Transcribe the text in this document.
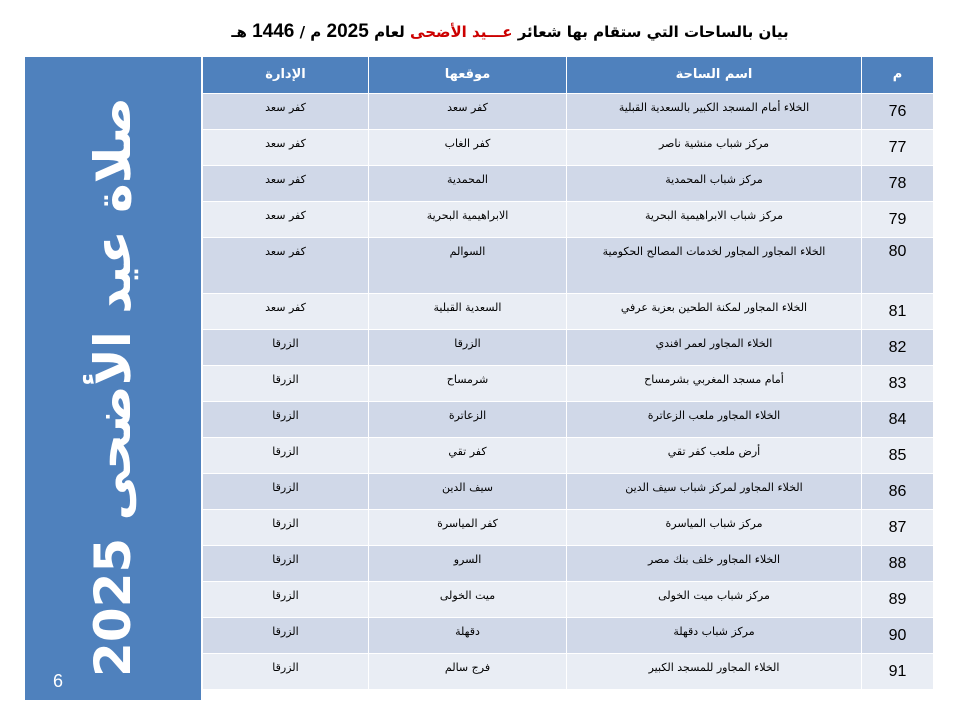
بيان بالساحات التي ستقام بها شعائر عـــيد الأضحى لعام 2025 م / 1446 هـ
صلاة عيد الأضحى 2025
6
م	اسم الساحة	موقعها	الإدارة
76	الخلاء أمام المسجد الكبير بالسعدية القبلية	كفر سعد	كفر سعد
77	مركز شباب منشية ناصر	كفر الغاب	كفر سعد
78	مركز شباب المحمدية	المحمدية	كفر سعد
79	مركز شباب الابراهيمية البحرية	الابراهيمية البحرية	كفر سعد
80	الخلاء المجاور المجاور لخدمات المصالح الحكومية	السوالم	كفر سعد
81	الخلاء المجاور لمكنة الطحين بعزبة عرفي	السعدية القبلية	كفر سعد
82	الخلاء المجاور لعمر افندي	الزرقا	الزرقا
83	أمام مسجد المغربي بشرمساح	شرمساح	الزرقا
84	الخلاء المجاور ملعب الزعاترة	الزعاترة	الزرقا
85	أرض ملعب كفر تقي	كفر تقي	الزرقا
86	الخلاء المجاور لمركز شباب سيف الدين	سيف الدين	الزرقا
87	مركز شباب المياسرة	كفر المياسرة	الزرقا
88	الخلاء المجاور خلف بنك مصر	السرو	الزرقا
89	مركز شباب ميت الخولى	ميت الخولى	الزرقا
90	مركز شباب دقهلة	دقهلة	الزرقا
91	الخلاء المجاور للمسجد الكبير	فرج سالم	الزرقا
